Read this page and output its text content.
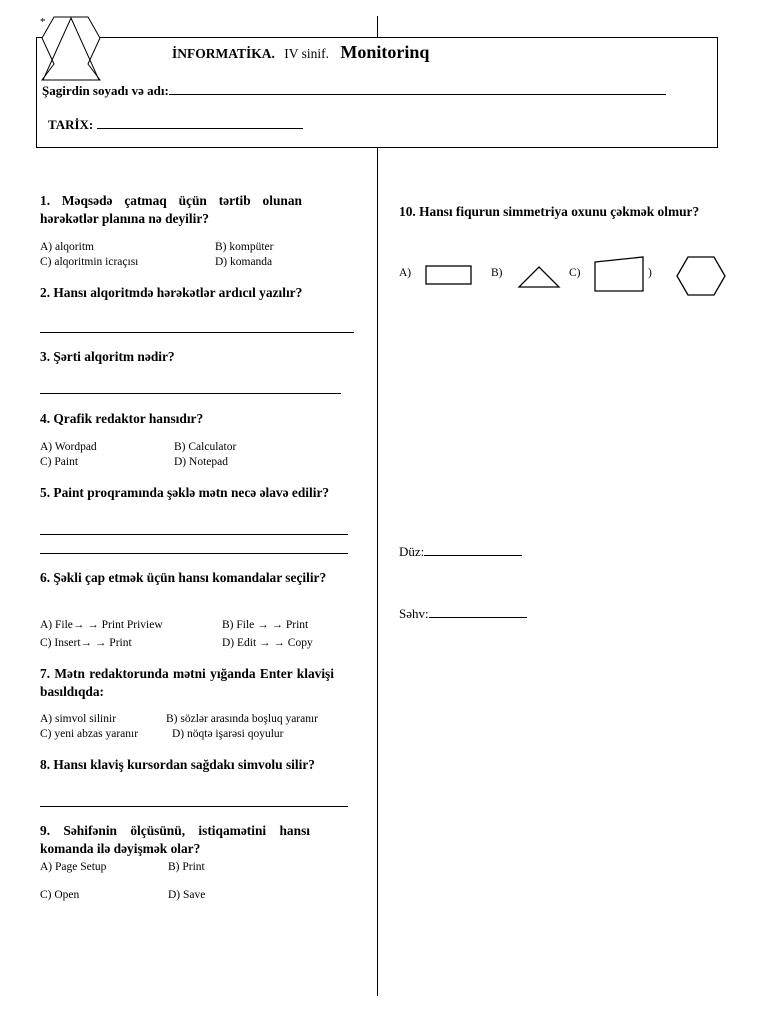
*
İNFORMATİKA. IV sinif. Monitorinq
Şagirdin soyadı və adı:
TARİX:
1. Məqsədə çatmaq üçün tərtib olunan hərəkətlər planına nə deyilir?
A) alqoritm	B) kompüter
C) alqoritmin icraçısı	D) komanda
2. Hansı alqoritmdə hərəkətlər ardıcıl yazılır?
3. Şərti alqoritm nədir?
4. Qrafik redaktor hansıdır?
A) Wordpad	B) Calculator
C) Paint	D) Notepad
5. Paint proqramında şəklə mətn necə əlavə edilir?
6. Şəkli çap etmək üçün hansı komandalar seçilir?
A) File→ → Print Priview	B) File → → Print
C) Insert→ → Print	D) Edit → → Copy
7. Mətn redaktorunda mətni yığanda Enter klavişi basıldıqda:
A) simvol silinir	B) sözlər arasında boşluq yaranır
C) yeni abzas yaranır	D) nöqtə işarəsi qoyulur
8. Hansı klaviş kursordan sağdakı simvolu silir?
9. Səhifənin ölçüsünü, istiqamətini hansı komanda ilə dəyişmək olar?
A) Page Setup	B) Print
C) Open	D) Save
10. Hansı fiqurun simmetriya oxunu çəkmək olmur?
A)	B)	C)	)
Düz:
Səhv:
